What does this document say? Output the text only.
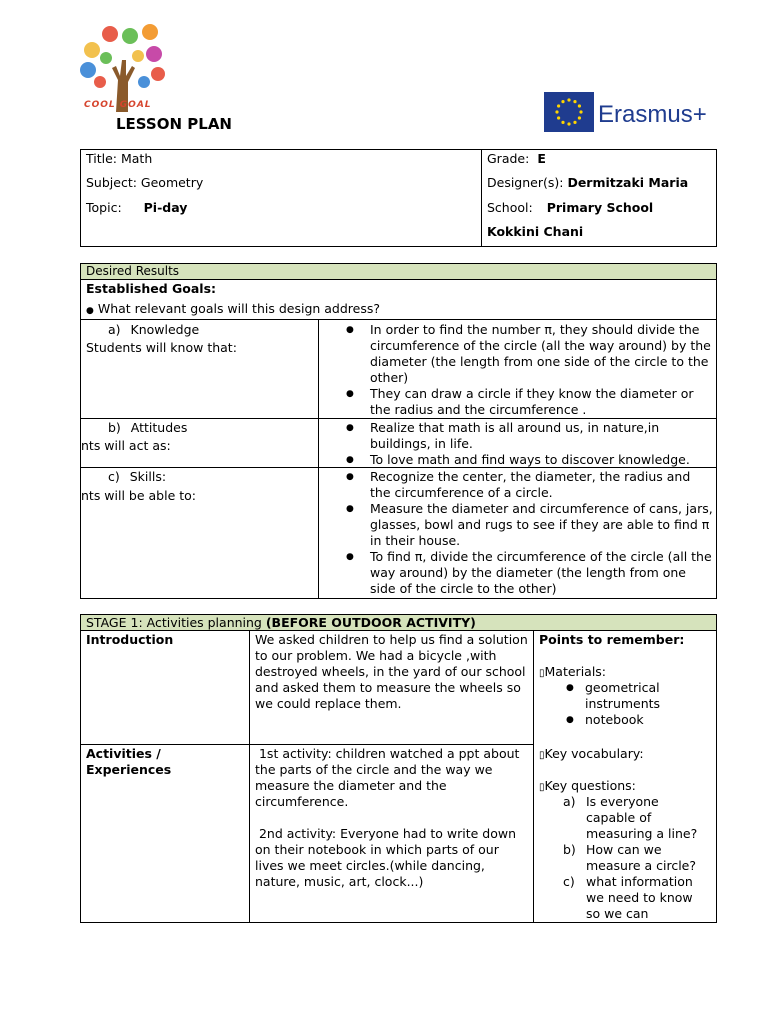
COOL GOAL
LESSON PLAN	Erasmus+
Title: Math
Subject: Geometry
Topic: Pi-day
Grade: E
Designer(s): Dermitzaki Maria
School: Primary School
Kokkini Chani
Desired Results
Established Goals:
● What relevant goals will this design address?
a) Knowledge
Students will know that:
● In order to find the number π, they should divide the circumference of the circle (all the way around) by the diameter (the length from one side of the circle to the other)
● They can draw a circle if they know the diameter or the radius and the circumference .
b) Attitudes
nts will act as:
● Realize that math is all around us, in nature,in buildings, in life.
● To love math and find ways to discover knowledge.
c) Skills:
nts will be able to:
● Recognize the center, the diameter, the radius and the circumference of a circle.
● Measure the diameter and circumference of cans, jars, glasses, bowl and rugs to see if they are able to find π in their house.
● To find π, divide the circumference of the circle (all the way around) by the diameter (the length from one side of the circle to the other)
STAGE 1: Activities planning (BEFORE OUTDOOR ACTIVITY)
Introduction	We asked children to help us find a solution to our problem. We had a bicycle ,with destroyed wheels, in the yard of our school and asked them to measure the wheels so we could replace them.
Activities / Experiences
1st activity: children watched a ppt about the parts of the circle and the way we measure the diameter and the circumference.
2nd activity: Everyone had to write down on their notebook in which parts of our lives we meet circles.(while dancing, nature, music, art, clock...)
Points to remember:
▯Materials:
● geometrical instruments
● notebook
▯Key vocabulary:
▯Key questions:
a) Is everyone capable of measuring a line?
b) How can we measure a circle?
c) what information we need to know so we can
